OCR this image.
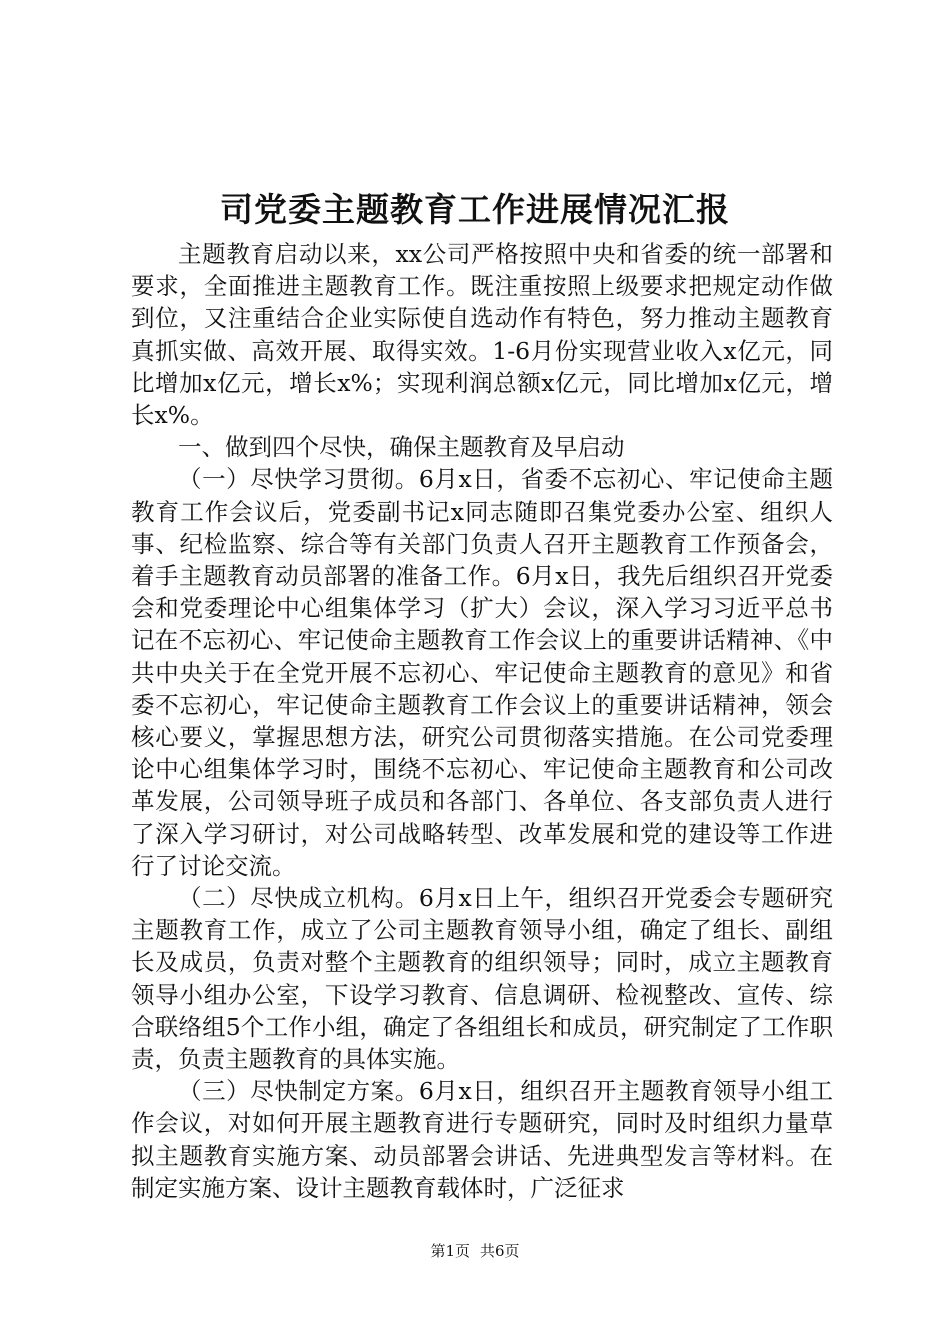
司党委主题教育工作进展情况汇报

主题教育启动以来，xx公司严格按照中央和省委的统一部署和要求，全面推进主题教育工作。既注重按照上级要求把规定动作做到位，又注重结合企业实际使自选动作有特色，努力推动主题教育真抓实做、高效开展、取得实效。1-6月份实现营业收入x亿元，同比增加x亿元，增长x%；实现利润总额x亿元，同比增加x亿元，增长x%。

一、做到四个尽快，确保主题教育及早启动

（一）尽快学习贯彻。6月x日，省委不忘初心、牢记使命主题教育工作会议后，党委副书记x同志随即召集党委办公室、组织人事、纪检监察、综合等有关部门负责人召开主题教育工作预备会，着手主题教育动员部署的准备工作。6月x日，我先后组织召开党委会和党委理论中心组集体学习（扩大）会议，深入学习习近平总书记在不忘初心、牢记使命主题教育工作会议上的重要讲话精神、《中共中央关于在全党开展不忘初心、牢记使命主题教育的意见》和省委不忘初心，牢记使命主题教育工作会议上的重要讲话精神，领会核心要义，掌握思想方法，研究公司贯彻落实措施。在公司党委理论中心组集体学习时，围绕不忘初心、牢记使命主题教育和公司改革发展，公司领导班子成员和各部门、各单位、各支部负责人进行了深入学习研讨，对公司战略转型、改革发展和党的建设等工作进行了讨论交流。

（二）尽快成立机构。6月x日上午，组织召开党委会专题研究主题教育工作，成立了公司主题教育领导小组，确定了组长、副组长及成员，负责对整个主题教育的组织领导；同时，成立主题教育领导小组办公室，下设学习教育、信息调研、检视整改、宣传、综合联络组5个工作小组，确定了各组组长和成员，研究制定了工作职责，负责主题教育的具体实施。

（三）尽快制定方案。6月x日，组织召开主题教育领导小组工作会议，对如何开展主题教育进行专题研究，同时及时组织力量草拟主题教育实施方案、动员部署会讲话、先进典型发言等材料。在制定实施方案、设计主题教育载体时，广泛征求

第1页 共6页
